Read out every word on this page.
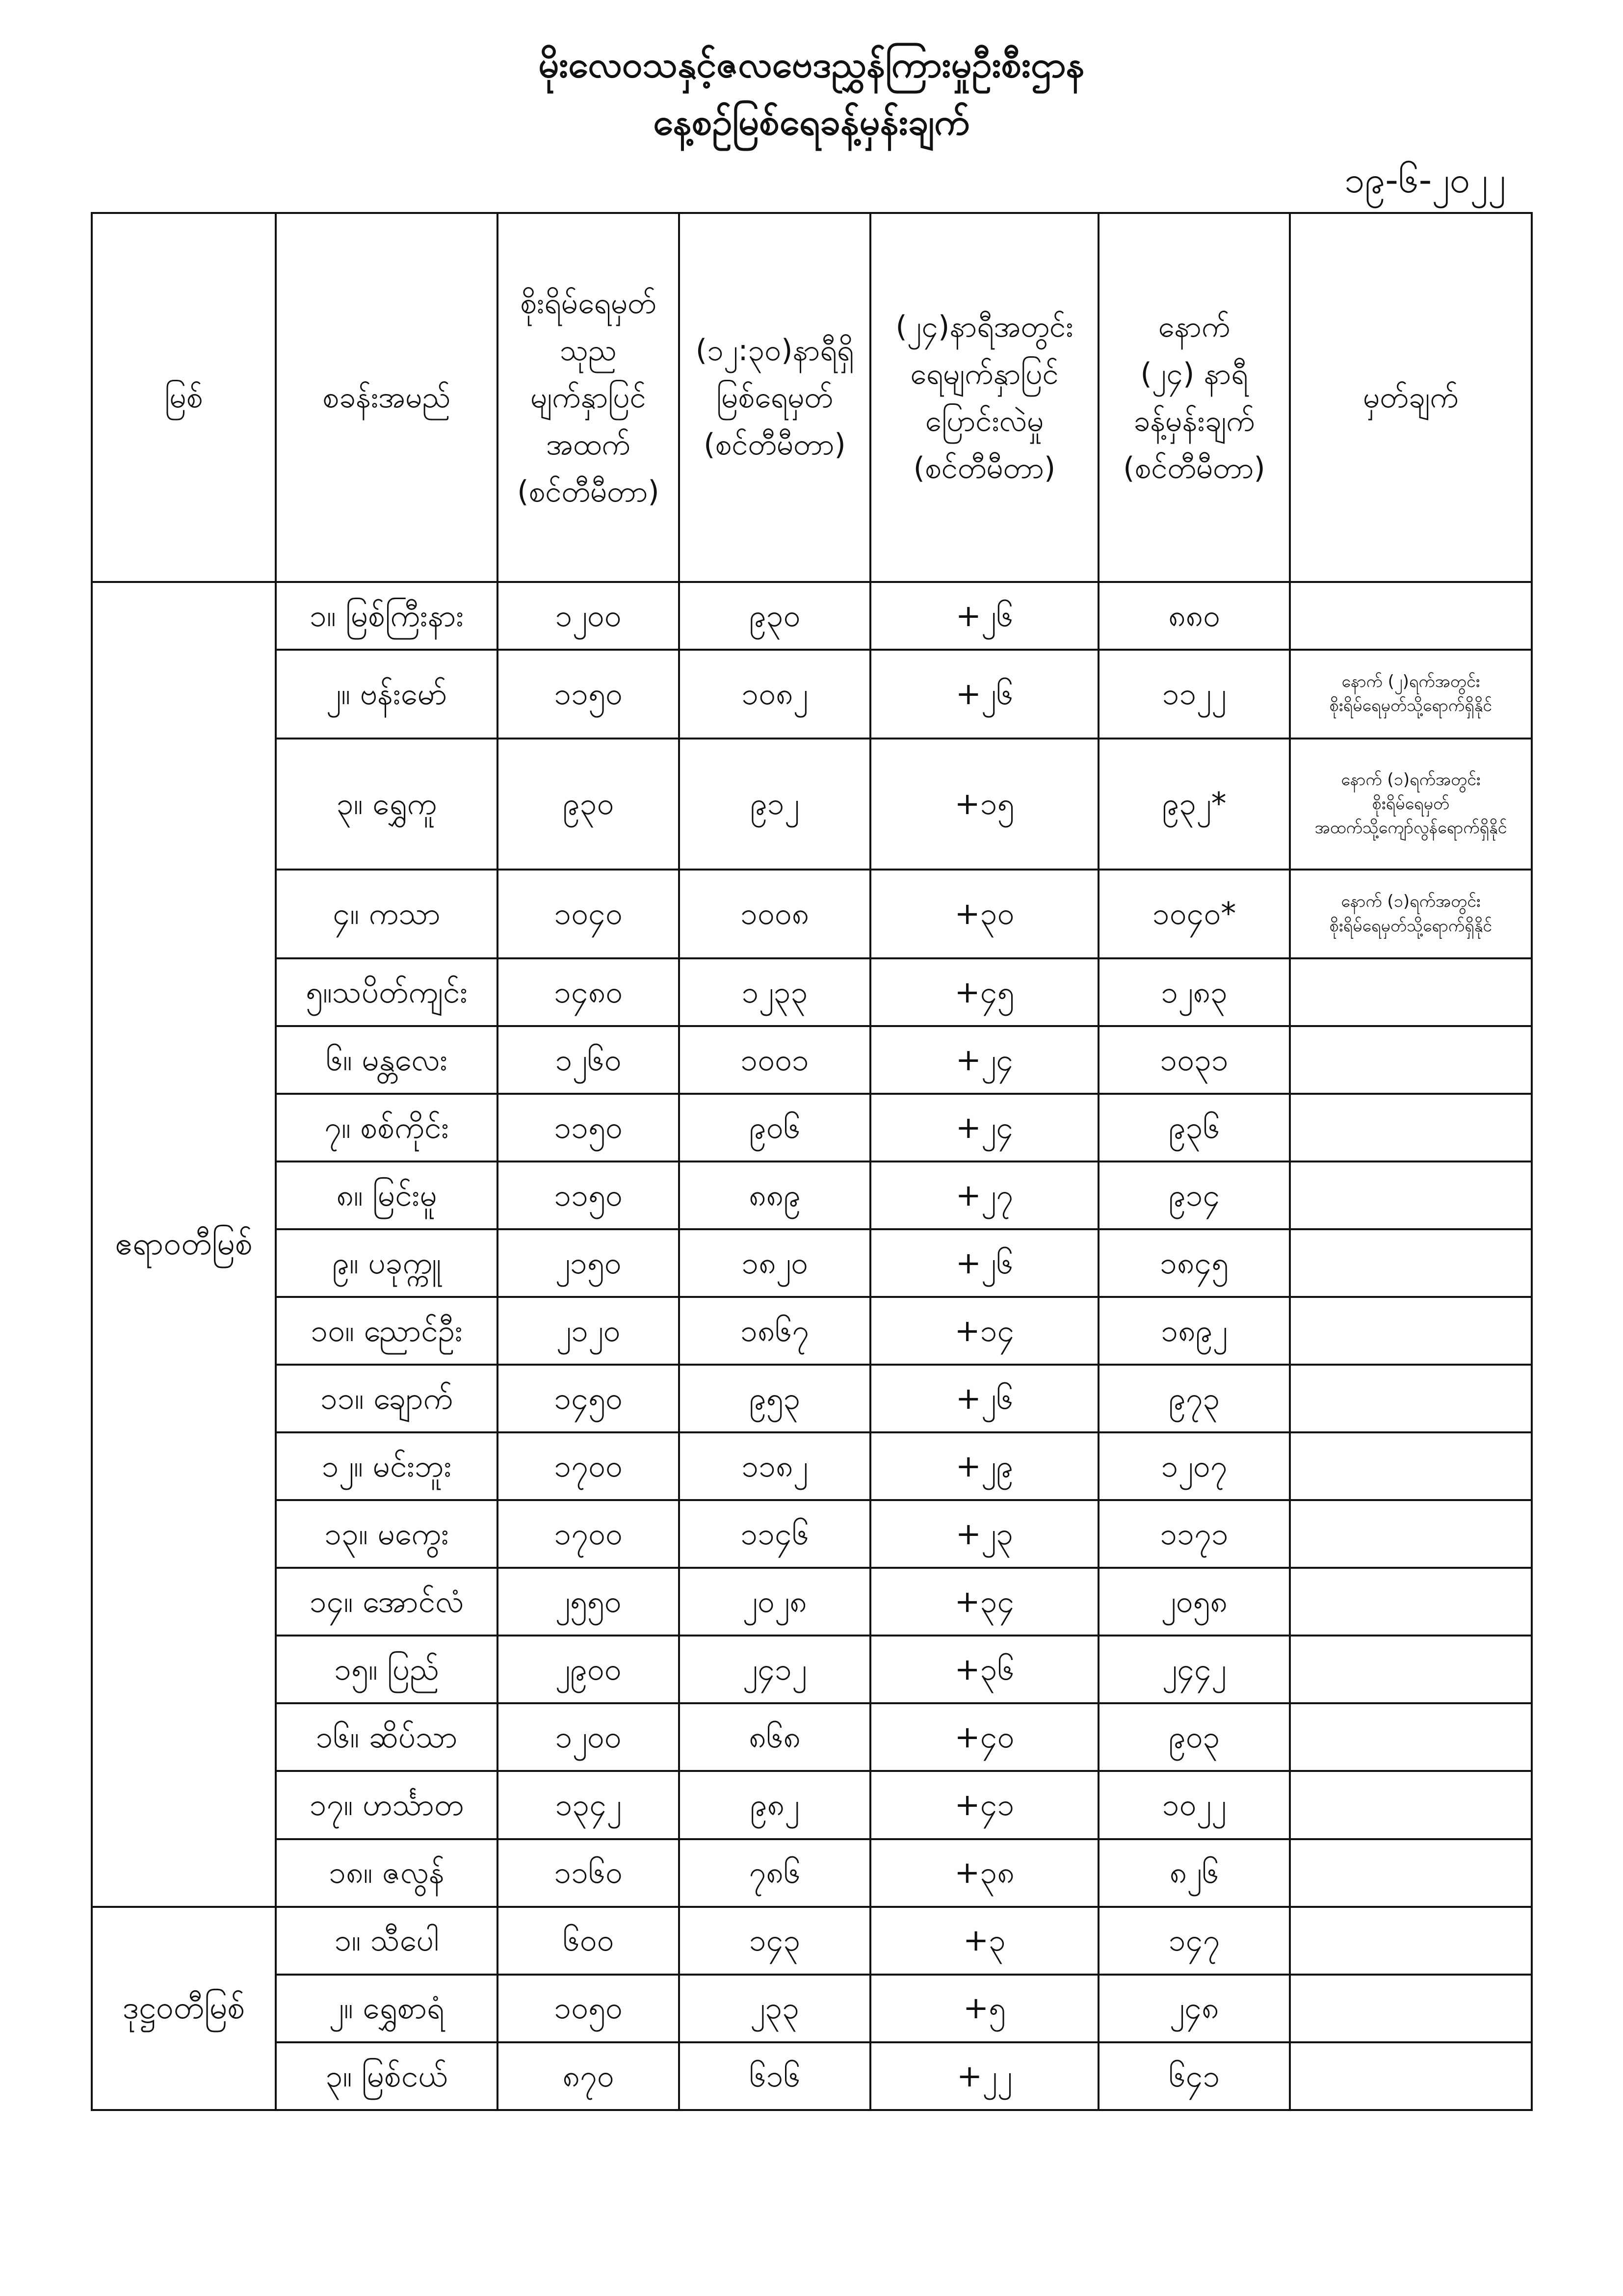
မိုးလေဝသနှင့်ဇလဗေဒညွှန်ကြားမှုဦးစီးဌာန
နေ့စဉ်မြစ်ရေခန့်မှန်းချက်
၁၉-၆-၂၀၂၂
မြစ်	စခန်းအမည်	စိုးရိမ်ရေမှတ်
သုည
မျက်နှာပြင်
အထက်
(စင်တီမီတာ)	(၁၂:၃၀)နာရီရှိ
မြစ်ရေမှတ်
(စင်တီမီတာ)	(၂၄)နာရီအတွင်း
ရေမျက်နှာပြင်
ပြောင်းလဲမှု
(စင်တီမီတာ)	နောက်
(၂၄) နာရီ
ခန့်မှန်းချက်
(စင်တီမီတာ)	မှတ်ချက်
ဧရာဝတီမြစ်	၁။ မြစ်ကြီးနား	၁၂၀၀	၉၃၀	+၂၆	၈၈၀	
	၂။ ဗန်းမော်	၁၁၅၀	၁၀၈၂	+၂၆	၁၁၂၂	နောက် (၂)ရက်အတွင်း
စိုးရိမ်ရေမှတ်သို့ရောက်ရှိနိုင်
	၃။ ရွှေကူ	၉၃၀	၉၁၂	+၁၅	၉၃၂*	နောက် (၁)ရက်အတွင်း
စိုးရိမ်ရေမှတ်
အထက်သို့ကျော်လွန်ရောက်ရှိနိုင်
	၄။ ကသာ	၁၀၄၀	၁၀၀၈	+၃၀	၁၀၄၀*	နောက် (၁)ရက်အတွင်း
စိုးရိမ်ရေမှတ်သို့ရောက်ရှိနိုင်
	၅။သပိတ်ကျင်း	၁၄၈၀	၁၂၃၃	+၄၅	၁၂၈၃	
	၆။ မန္တလေး	၁၂၆၀	၁၀၀၁	+၂၄	၁၀၃၁	
	၇။ စစ်ကိုင်း	၁၁၅၀	၉၀၆	+၂၄	၉၃၆	
	၈။ မြင်းမူ	၁၁၅၀	၈၈၉	+၂၇	၉၁၄	
	၉။ ပခုက္ကူ	၂၁၅၀	၁၈၂၀	+၂၆	၁၈၄၅	
	၁၀။ ညောင်ဦး	၂၁၂၀	၁၈၆၇	+၁၄	၁၈၉၂	
	၁၁။ ချောက်	၁၄၅၀	၉၅၃	+၂၆	၉၇၃	
	၁၂။ မင်းဘူး	၁၇၀၀	၁၁၈၂	+၂၉	၁၂၀၇	
	၁၃။ မကွေး	၁၇၀၀	၁၁၄၆	+၂၃	၁၁၇၁	
	၁၄။ အောင်လံ	၂၅၅၀	၂၀၂၈	+၃၄	၂၀၅၈	
	၁၅။ ပြည်	၂၉၀၀	၂၄၁၂	+၃၆	၂၄၄၂	
	၁၆။ ဆိပ်သာ	၁၂၀၀	၈၆၈	+၄၀	၉၀၃	
	၁၇။ ဟင်္သာတ	၁၃၄၂	၉၈၂	+၄၁	၁၀၂၂	
	၁၈။ ဇလွန်	၁၁၆၀	၇၈၆	+၃၈	၈၂၆	
ဒုဋ္ဌဝတီမြစ်	၁။ သီပေါ	၆၀၀	၁၄၃	+၃	၁၄၇	
	၂။ ရွှေစာရံ	၁၀၅၀	၂၃၃	+၅	၂၄၈	
	၃။ မြစ်ငယ်	၈၇၀	၆၁၆	+၂၂	၆၄၁	
